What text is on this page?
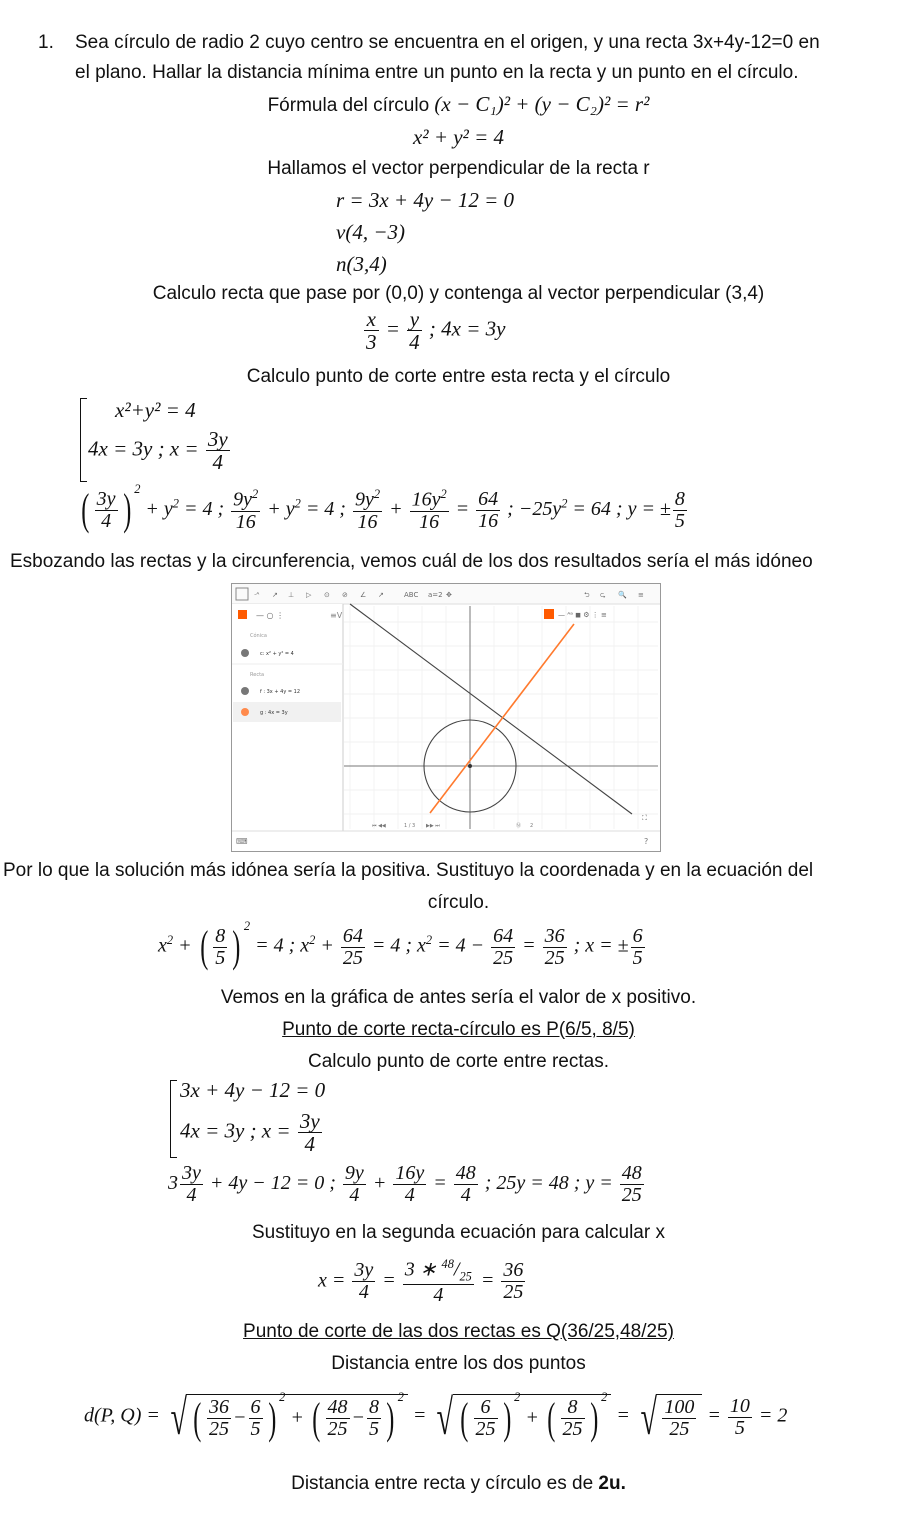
1. Sea círculo de radio 2 cuyo centro se encuentra en el origen, y una recta 3x+4y-12=0 en
el plano. Hallar la distancia mínima entre un punto en la recta y un punto en el círculo.
Fórmula del círculo (x − C₁)² + (y − C₂)² = r²
x² + y² = 4
Hallamos el vector perpendicular de la recta r
r = 3x + 4y − 12 = 0
v(4, −3)
n(3,4)
Calculo recta que pase por (0,0) y contenga al vector perpendicular (3,4)
$\frac{x}{3} = \frac{y}{4}$ ; 4x = 3y
Calculo punto de corte entre esta recta y el círculo
x²+y² = 4
4x = 3y ; $x = \frac{3y}{4}$
( $\frac{3y}{4}$ ) $^2 + y^2 = 4$ ; $\frac{9y^2}{16} + y^2 = 4$ ; $\frac{9y^2}{16} + \frac{16y^2}{16} = \frac{64}{16}$ ; $-25y^2 = 64$ ; y = ± $\frac{8}{5}$
Esbozando las rectas y la circunferencia, vemos cuál de los dos resultados sería el más idóneo
·ᴬ ↗ ⊥ ▷ ⊙ ⊘ ∠ ↗	ABC a=2 ✥	⮌ ⮎ 🔍 ≡
— ○ ⋮	≡V
Cónica
c: x² + y² = 4
Recta
f : 3x + 4y = 12
g : 4x = 3y
— ᴬᵃ ◼ ⚙ ⋮ ≡
⏮ ◀◀	1 / 3 ▶▶ ⏭	Ⓜ 2
⛶
⌨	?
Por lo que la solución más idónea sería la positiva. Sustituyo la coordenada y en la ecuación del
círculo.
$x^2$ + ( $\frac{8}{5}$ ) $^2$ = 4 ; $x^2 + \frac{64}{25} = 4$ ; $x^2 = 4 - \frac{64}{25} = \frac{36}{25}$ ; x = ± $\frac{6}{5}$
Vemos en la gráfica de antes sería el valor de x positivo.
Punto de corte recta-círculo es P(6/5, 8/5)
Calculo punto de corte entre rectas.
3x + 4y − 12 = 0
4x = 3y ; $x = \frac{3y}{4}$
$3 \frac{3y}{4} + 4y - 12 = 0$ ; $\frac{9y}{4} + \frac{16y}{4} = \frac{48}{4}$ ; 25y = 48 ; $y = \frac{48}{25}$
Sustituyo en la segunda ecuación para calcular x
$x = \frac{3y}{4} = \frac{3 ∗ ^{48}/_{25}}{4} = \frac{36}{25}$
Punto de corte de las dos rectas es Q(36/25,48/25)
Distancia entre los dos puntos
d(P, Q) = √ ( $\frac{36}{25} - \frac{6}{5}$ ) $^2$ + ( $\frac{48}{25} - \frac{8}{5}$ ) $^2$ = √ ( $\frac{6}{25}$ ) $^2$ + ( $\frac{8}{25}$ ) $^2$ = √ $\frac{100}{25} = \frac{10}{5} = 2$
Distancia entre recta y círculo es de 2u.
